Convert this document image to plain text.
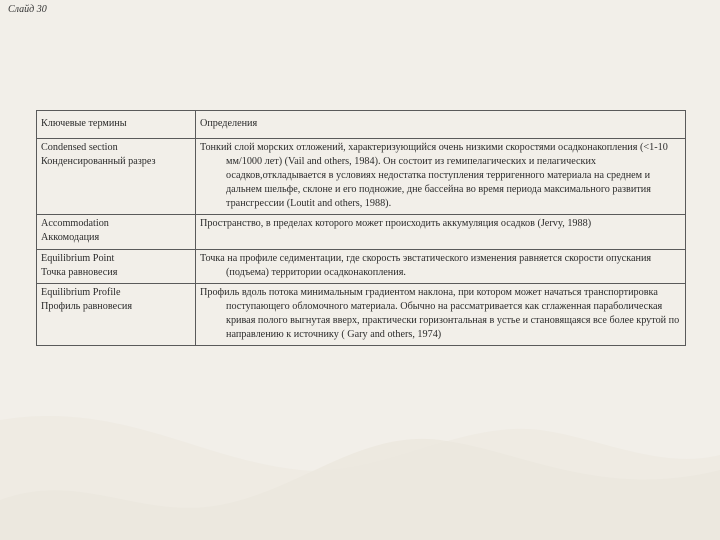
Слайд 30
Ключевые термины	Определения

Condensed section
Конденсированный разрез	Тонкий слой морских отложений, характеризующийся очень низкими скоростями осадконакопления (<1-10 мм/1000 лет) (Vail and others, 1984). Он состоит из гемипелагических и пелагических осадков,откладывается в условиях недостатка поступления терригенного материала на среднем и дальнем шельфе, склоне и его подножие, дне бассейна во время периода максимального развития трансгрессии (Loutit and others, 1988).

Accommodation
Аккомодация	Пространство, в пределах которого может происходить аккумуляция осадков (Jervy, 1988)

Equilibrium Point
Точка равновесия	Точка на профиле седиментации, где скорость эвстатического изменения равняется скорости опускания (подъема) территории осадконакопления.

Equilibrium Profile
Профиль равновесия	Профиль вдоль потока минимальным градиентом наклона, при котором может начаться транспортировка поступающего обломочного материала. Обычно на рассматривается как сглаженная параболическая кривая полого выгнутая вверх, практически горизонтальная в устье и становящаяся все более крутой по направлению к источнику ( Gary and others, 1974)
